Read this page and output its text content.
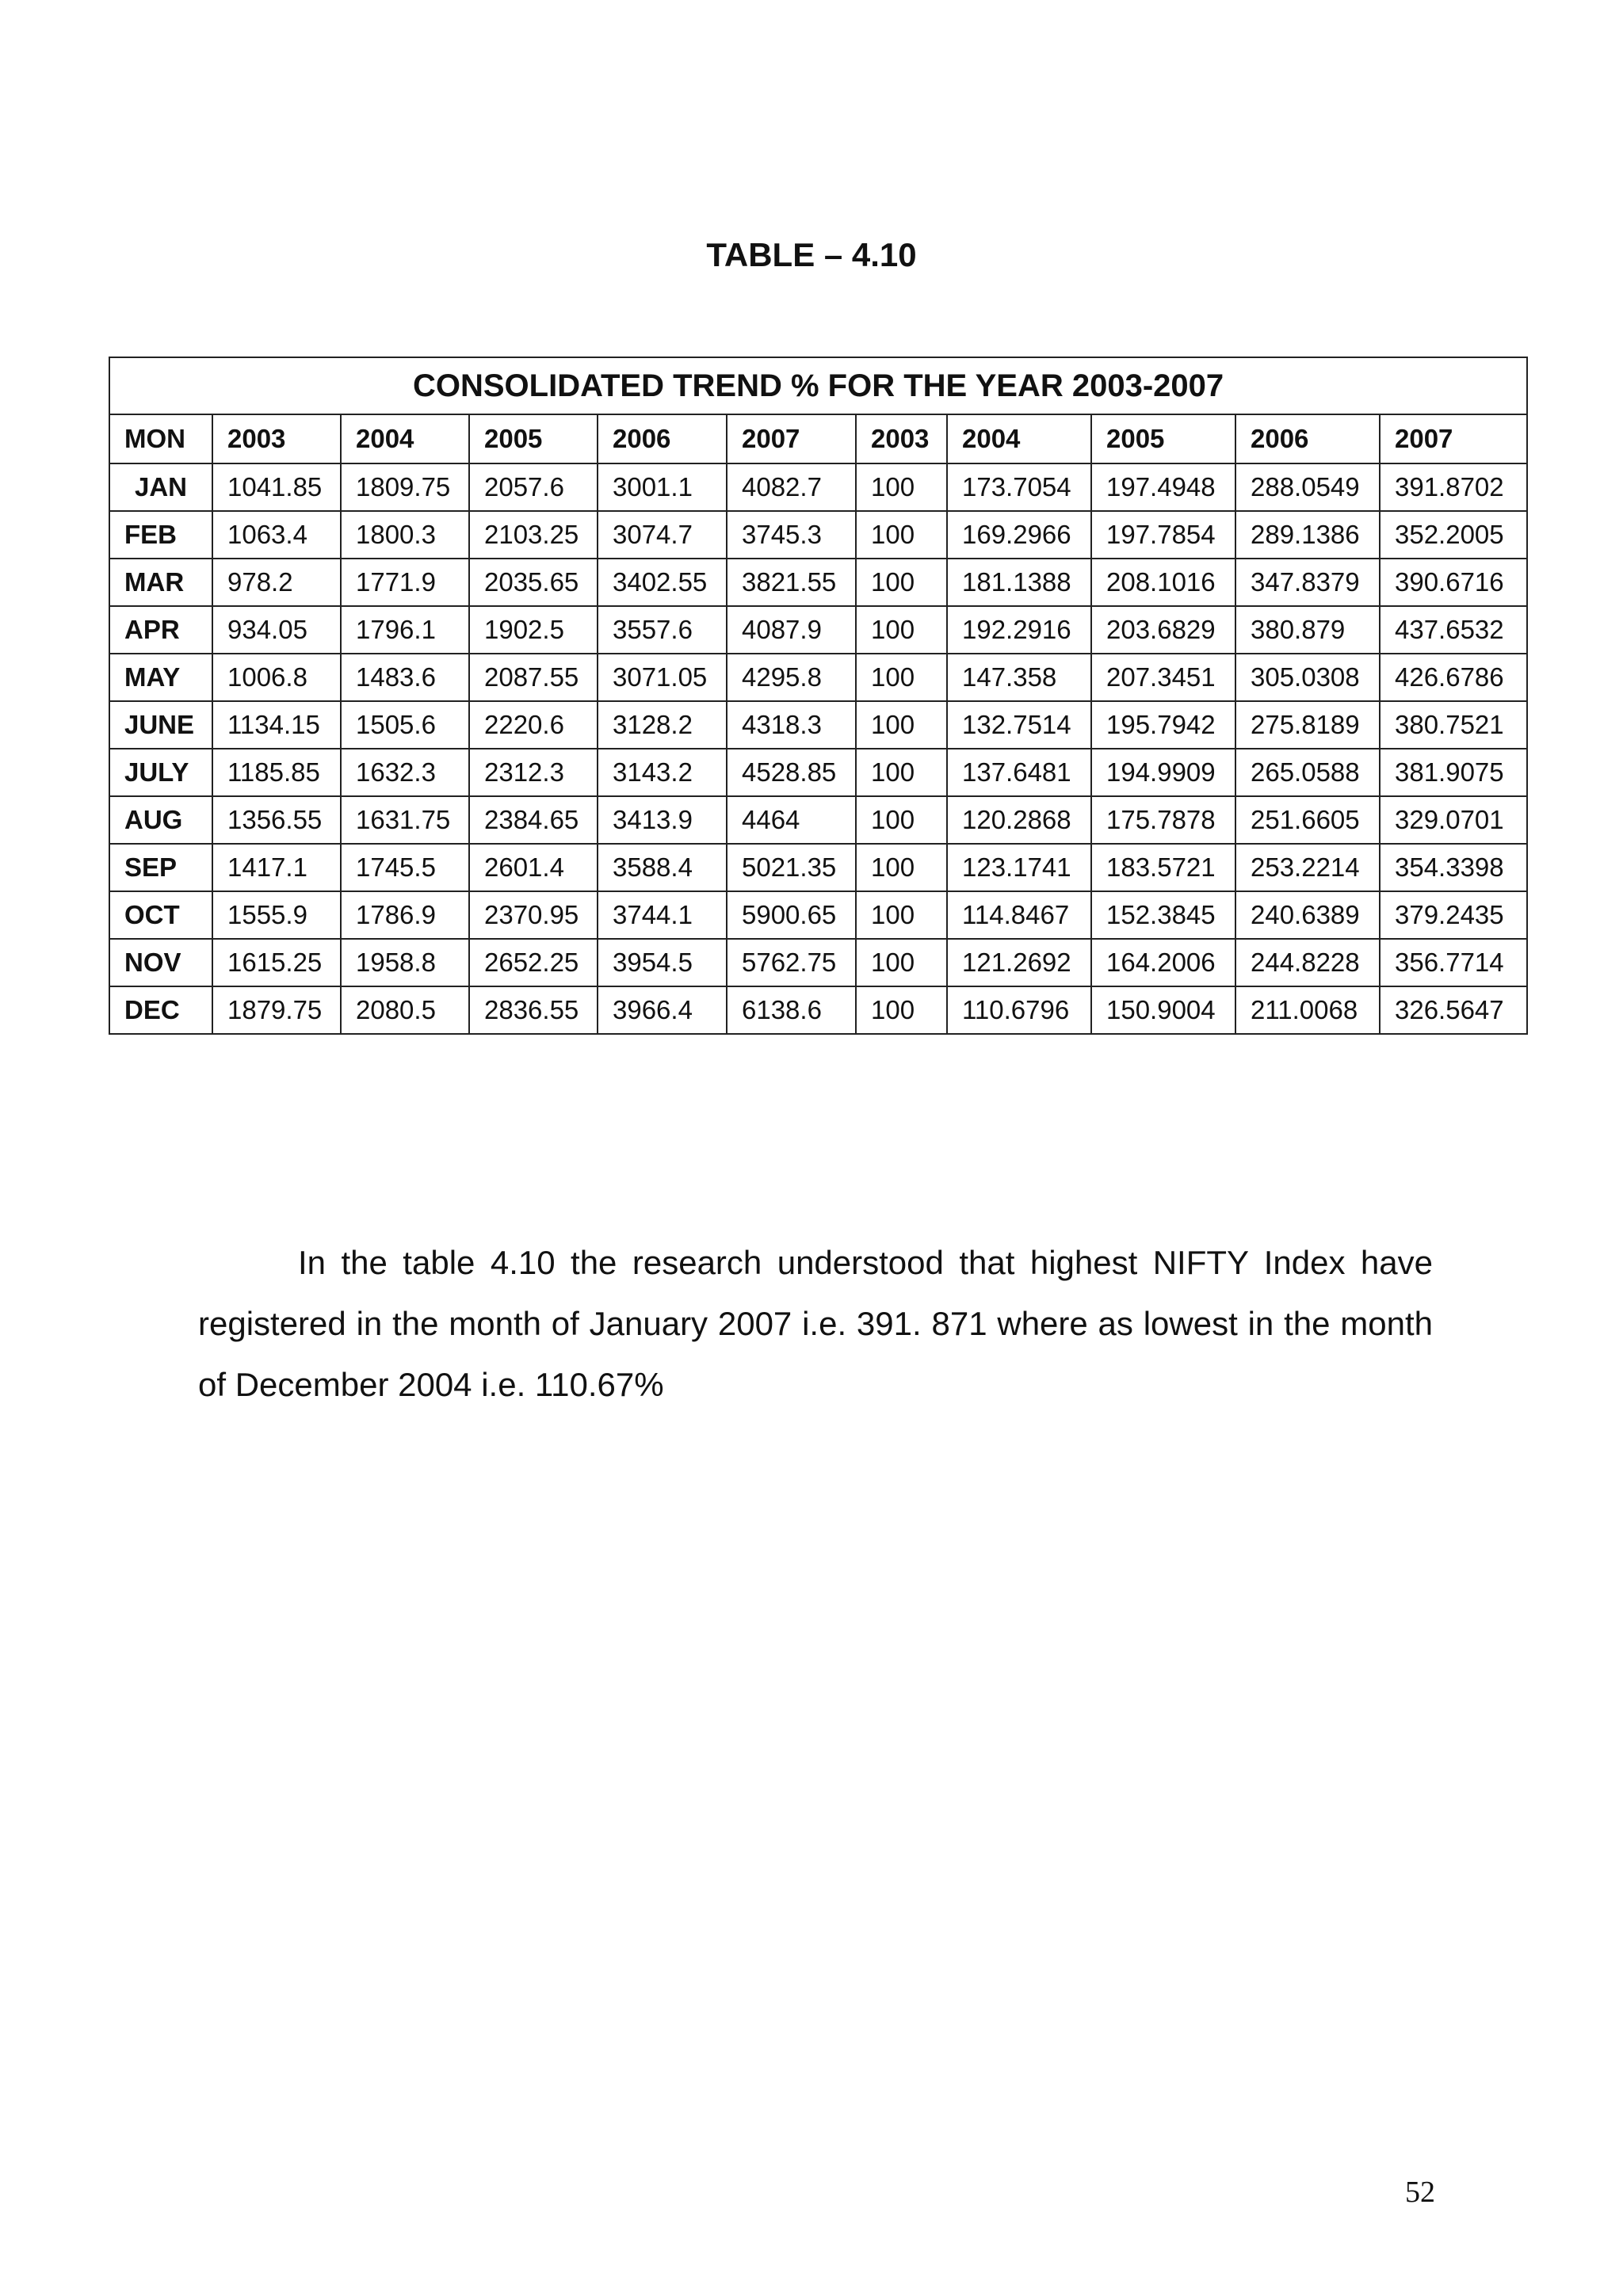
TABLE – 4.10
CONSOLIDATED TREND % FOR THE YEAR 2003-2007										
MON	2003	2004	2005	2006	2007	2003	2004	2005	2006	2007
JAN	1041.85	1809.75	2057.6	3001.1	4082.7	100	173.7054	197.4948	288.0549	391.8702
FEB	1063.4	1800.3	2103.25	3074.7	3745.3	100	169.2966	197.7854	289.1386	352.2005
MAR	978.2	1771.9	2035.65	3402.55	3821.55	100	181.1388	208.1016	347.8379	390.6716
APR	934.05	1796.1	1902.5	3557.6	4087.9	100	192.2916	203.6829	380.879	437.6532
MAY	1006.8	1483.6	2087.55	3071.05	4295.8	100	147.358	207.3451	305.0308	426.6786
JUNE	1134.15	1505.6	2220.6	3128.2	4318.3	100	132.7514	195.7942	275.8189	380.7521
JULY	1185.85	1632.3	2312.3	3143.2	4528.85	100	137.6481	194.9909	265.0588	381.9075
AUG	1356.55	1631.75	2384.65	3413.9	4464	100	120.2868	175.7878	251.6605	329.0701
SEP	1417.1	1745.5	2601.4	3588.4	5021.35	100	123.1741	183.5721	253.2214	354.3398
OCT	1555.9	1786.9	2370.95	3744.1	5900.65	100	114.8467	152.3845	240.6389	379.2435
NOV	1615.25	1958.8	2652.25	3954.5	5762.75	100	121.2692	164.2006	244.8228	356.7714
DEC	1879.75	2080.5	2836.55	3966.4	6138.6	100	110.6796	150.9004	211.0068	326.5647

In the table 4.10 the research understood that highest NIFTY Index have registered in the month of January 2007 i.e. 391. 871 where as lowest in the month of December 2004 i.e. 110.67%

52
